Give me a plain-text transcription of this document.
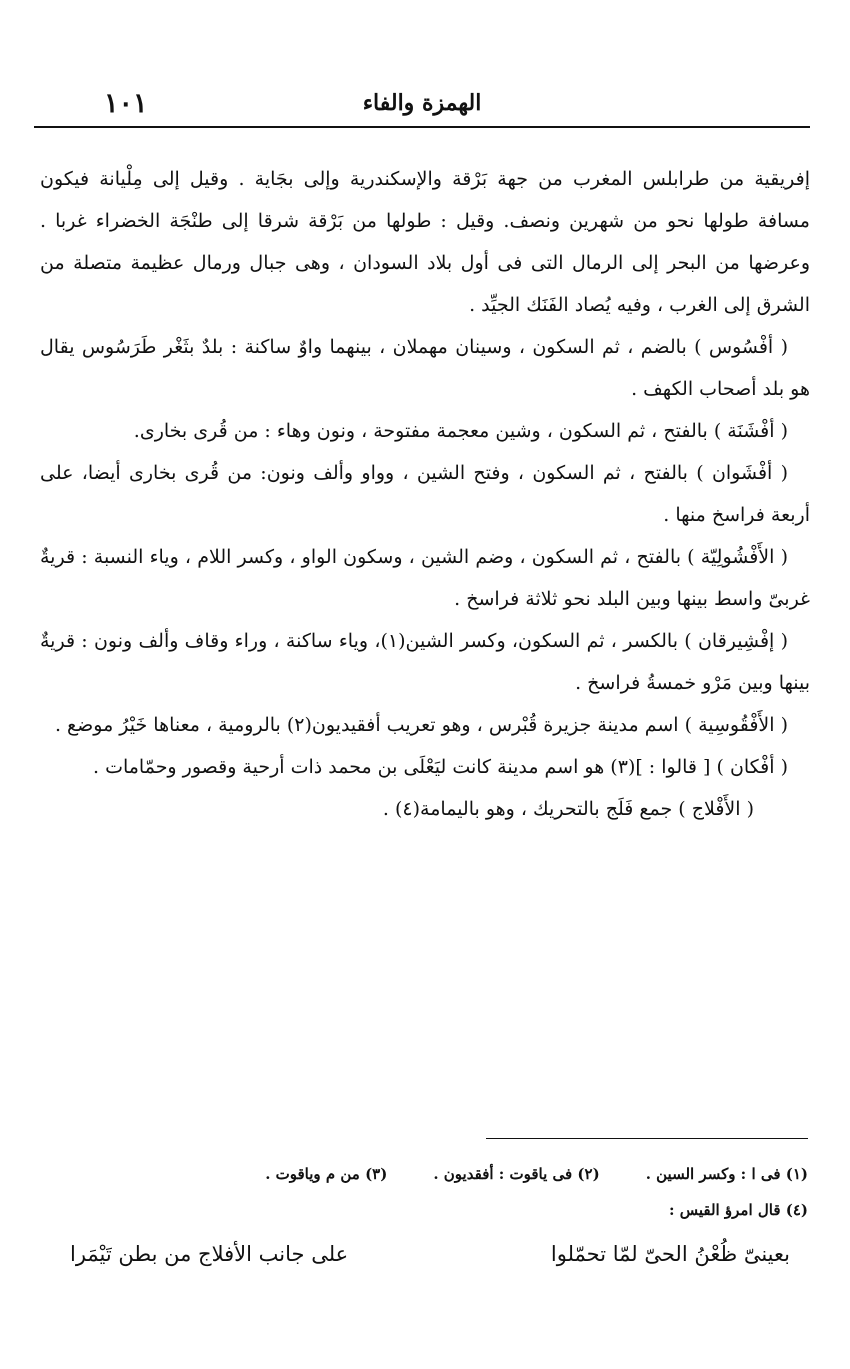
الهمزة والفاء
١٠١

إفريقية من طرابلس المغرب من جهة بَرْقة والإسكندرية وإلى بجَاية . وقيل إلى مِلْيانة فيكون مسافة طولها نحو من شهرين ونصف. وقيل : طولها من بَرْقة شرقا إلى طنْجَة الخضراء غربا . وعرضها من البحر إلى الرمال التى فى أول بلاد السودان ، وهى جبال ورمال عظيمة متصلة من الشرق إلى الغرب ، وفيه يُصاد الفَنَك الجيِّد .

( أفْسُوس ) بالضم ، ثم السكون ، وسينان مهملان ، بينهما واوٌ ساكنة : بلدٌ بثَغْر طَرَسُوس يقال هو بلد أصحاب الكهف .

( أفْشَنَة ) بالفتح ، ثم السكون ، وشين معجمة مفتوحة ، ونون وهاء : من قُرى بخارى.

( أفْشَوان ) بالفتح ، ثم السكون ، وفتح الشين ، وواو وألف ونون: من قُرى بخارى أيضا، على أربعة فراسخ منها .

( الأَفْشُولِيّة ) بالفتح ، ثم السكون ، وضم الشين ، وسكون الواو ، وكسر اللام ، وياء النسبة : قريةٌ غربىّ واسط بينها وبين البلد نحو ثلاثة فراسخ .

( إفْشِيرقان ) بالكسر ، ثم السكون، وكسر الشين(١)، وياء ساكنة ، وراء وقاف وألف ونون : قريةٌ بينها وبين مَرْو خمسةُ فراسخ .

( الأَفْقُوسِية ) اسم مدينة جزيرة قُبْرس ، وهو تعريب أفقيديون(٢) بالرومية ، معناها خَيْرُ موضع .

( أفْكان ) [ قالوا : ](٣) هو اسم مدينة كانت ليَعْلَى بن محمد ذات أرحية وقصور وحمّامات .

( الأَفْلاج ) جمع فَلَج بالتحريك ، وهو باليمامة(٤) .

(١) فى ا : وكسر السين .
(٢) فى ياقوت : أفقديون .
(٣) من م وياقوت .
(٤) قال امرؤ القيس :
بعينىّ ظُعْنُ الحىّ لمّا تحمّلوا
على جانب الأفلاج من بطن تَيْمَرا
